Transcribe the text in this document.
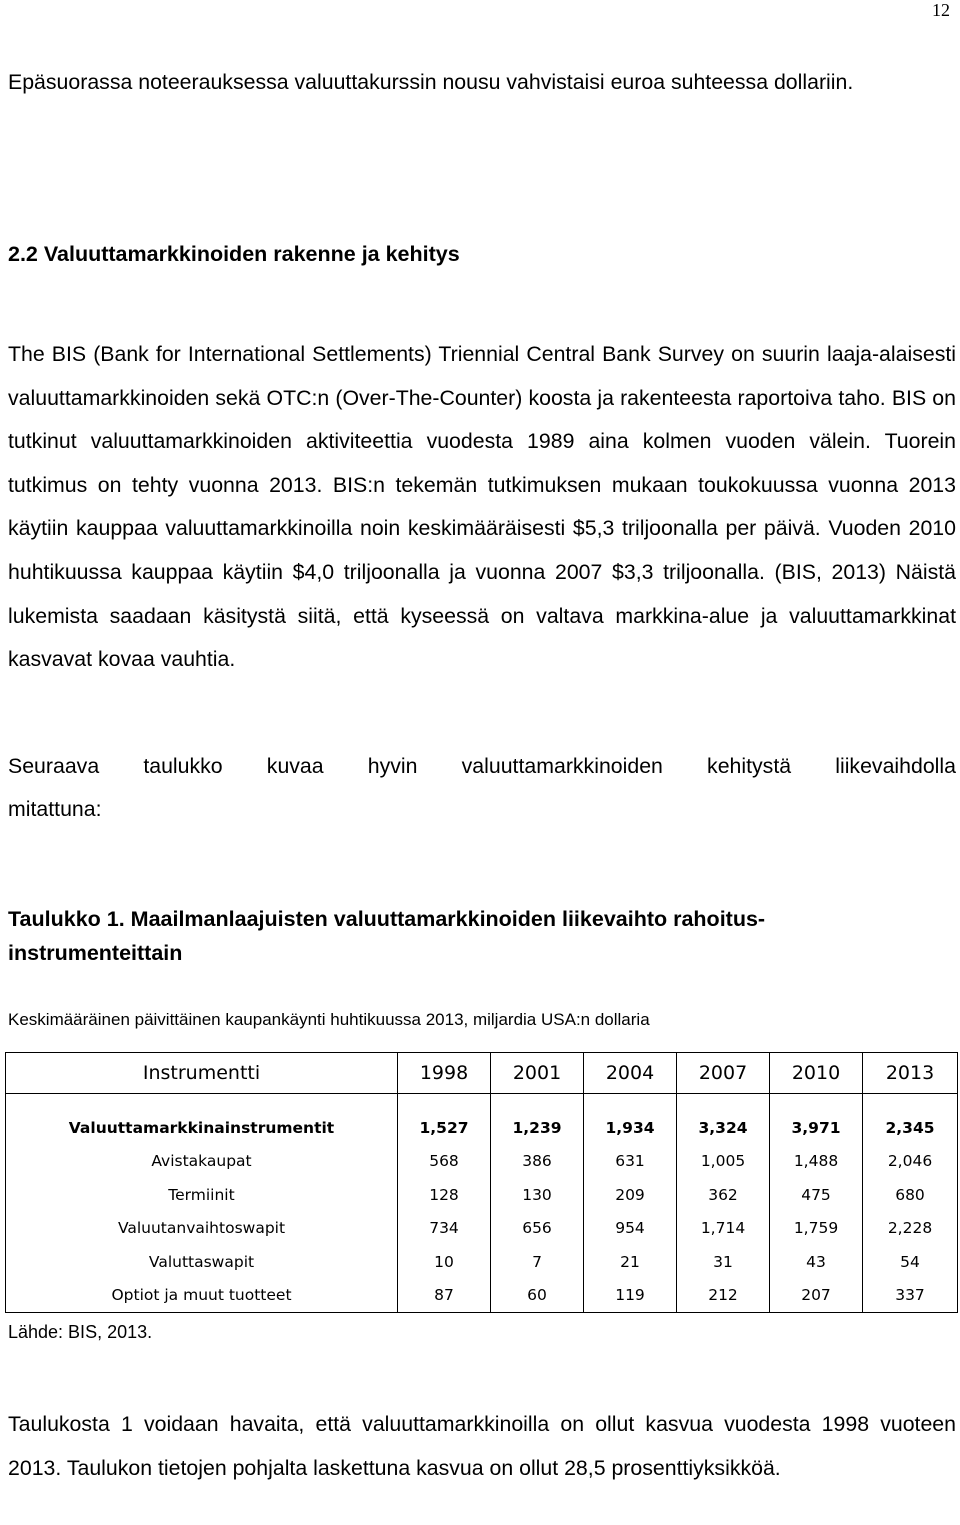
12

Epäsuorassa noteerauksessa valuuttakurssin nousu vahvistaisi euroa suhteessa dollariin.

2.2 Valuuttamarkkinoiden rakenne ja kehitys

The BIS (Bank for International Settlements) Triennial Central Bank Survey on suurin laaja-alaisesti valuuttamarkkinoiden sekä OTC:n (Over-The-Counter) koosta ja rakenteesta raportoiva taho. BIS on tutkinut valuuttamarkkinoiden aktiviteettia vuodesta 1989 aina kolmen vuoden välein. Tuorein tutkimus on tehty vuonna 2013. BIS:n tekemän tutkimuksen mukaan toukokuussa vuonna 2013 käytiin kauppaa valuuttamarkkinoilla noin keskimääräisesti $5,3 triljoonalla per päivä. Vuoden 2010 huhtikuussa kauppaa käytiin $4,0 triljoonalla ja vuonna 2007 $3,3 triljoonalla. (BIS, 2013) Näistä lukemista saadaan käsitystä siitä, että kyseessä on valtava markkina-alue ja valuuttamarkkinat kasvavat kovaa vauhtia.

Seuraava taulukko kuvaa hyvin valuuttamarkkinoiden kehitystä liikevaihdolla

mitattuna:

Taulukko 1. Maailmanlaajuisten valuuttamarkkinoiden liikevaihto rahoitus-instrumenteittain

Keskimääräinen päivittäinen kaupankäynti huhtikuussa 2013, miljardia USA:n dollaria
Instrumentti	1998	2001	2004	2007	2010	2013

Valuuttamarkkinainstrumentit	1,527	1,239	1,934	3,324	3,971	2,345
Avistakaupat	568	386	631	1,005	1,488	2,046
Termiinit	128	130	209	362	475	680
Valuutanvaihtoswapit	734	656	954	1,714	1,759	2,228
Valuttaswapit	10	7	21	31	43	54
Optiot ja muut tuotteet	87	60	119	212	207	337
Lähde: BIS, 2013.

Taulukosta 1 voidaan havaita, että valuuttamarkkinoilla on ollut kasvua vuodesta 1998 vuoteen 2013. Taulukon tietojen pohjalta laskettuna kasvua on ollut 28,5 prosenttiyksikköä.
